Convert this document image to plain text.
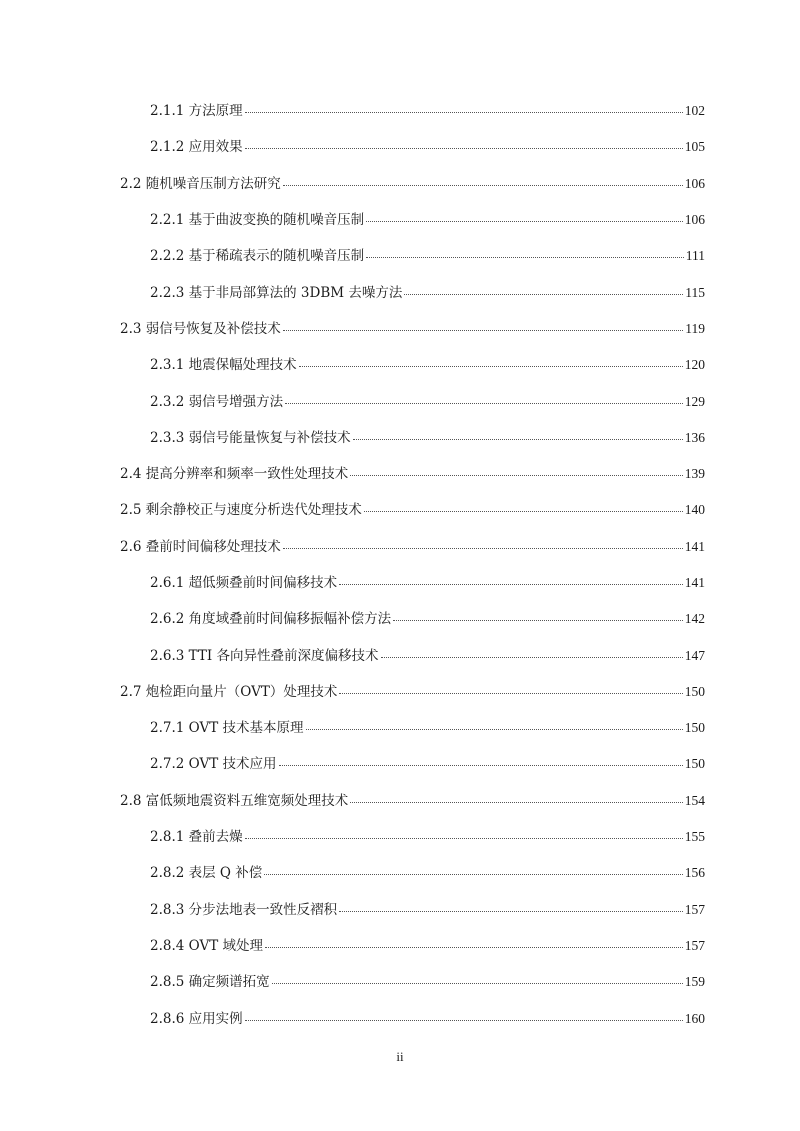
2.1.1 方法原理	102
2.1.2 应用效果	105
2.2 随机噪音压制方法研究	106
2.2.1 基于曲波变换的随机噪音压制	106
2.2.2 基于稀疏表示的随机噪音压制	111
2.2.3 基于非局部算法的 3DBM 去噪方法	115
2.3 弱信号恢复及补偿技术	119
2.3.1 地震保幅处理技术	120
2.3.2 弱信号增强方法	129
2.3.3 弱信号能量恢复与补偿技术	136
2.4 提高分辨率和频率一致性处理技术	139
2.5 剩余静校正与速度分析迭代处理技术	140
2.6 叠前时间偏移处理技术	141
2.6.1 超低频叠前时间偏移技术	141
2.6.2 角度域叠前时间偏移振幅补偿方法	142
2.6.3 TTI 各向异性叠前深度偏移技术	147
2.7 炮检距向量片（OVT）处理技术	150
2.7.1 OVT 技术基本原理	150
2.7.2 OVT 技术应用	150
2.8 富低频地震资料五维宽频处理技术	154
2.8.1 叠前去燥	155
2.8.2 表层 Q 补偿	156
2.8.3 分步法地表一致性反褶积	157
2.8.4 OVT 域处理	157
2.8.5 确定频谱拓宽	159
2.8.6 应用实例	160
ii
